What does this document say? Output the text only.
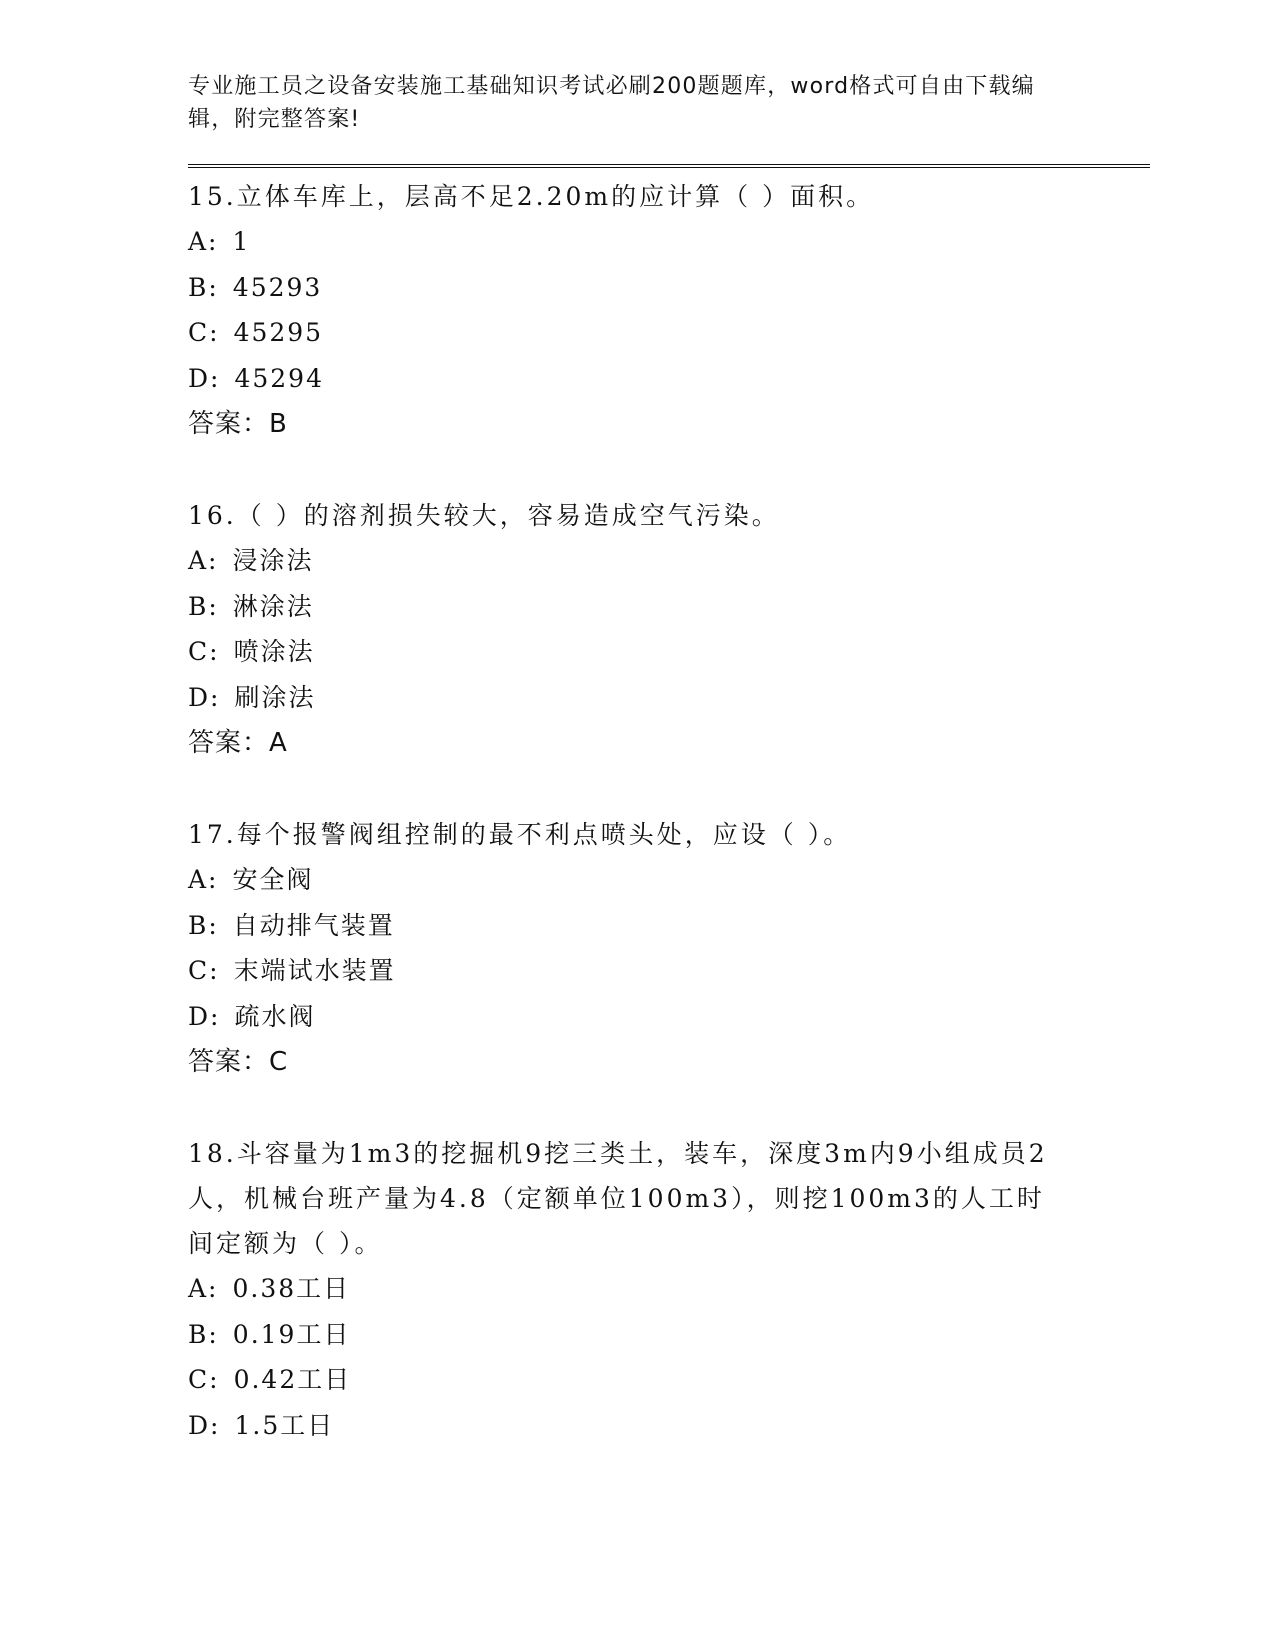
专业施工员之设备安装施工基础知识考试必刷200题题库，word格式可自由下载编辑，附完整答案!
15.立体车库上，层高不足2.20m的应计算（ ）面积。
A: 1
B: 45293
C: 45295
D: 45294
答案：B
16.（ ）的溶剂损失较大，容易造成空气污染。
A: 浸涂法
B: 淋涂法
C: 喷涂法
D: 刷涂法
答案：A
17.每个报警阀组控制的最不利点喷头处，应设（ ）。
A: 安全阀
B: 自动排气装置
C: 末端试水装置
D: 疏水阀
答案：C
18.斗容量为1m3的挖掘机9挖三类土，装车，深度3m内9小组成员2人，机械台班产量为4.8（定额单位100m3），则挖100m3的人工时间定额为（ ）。
A: 0.38工日
B: 0.19工日
C: 0.42工日
D: 1.5工日
